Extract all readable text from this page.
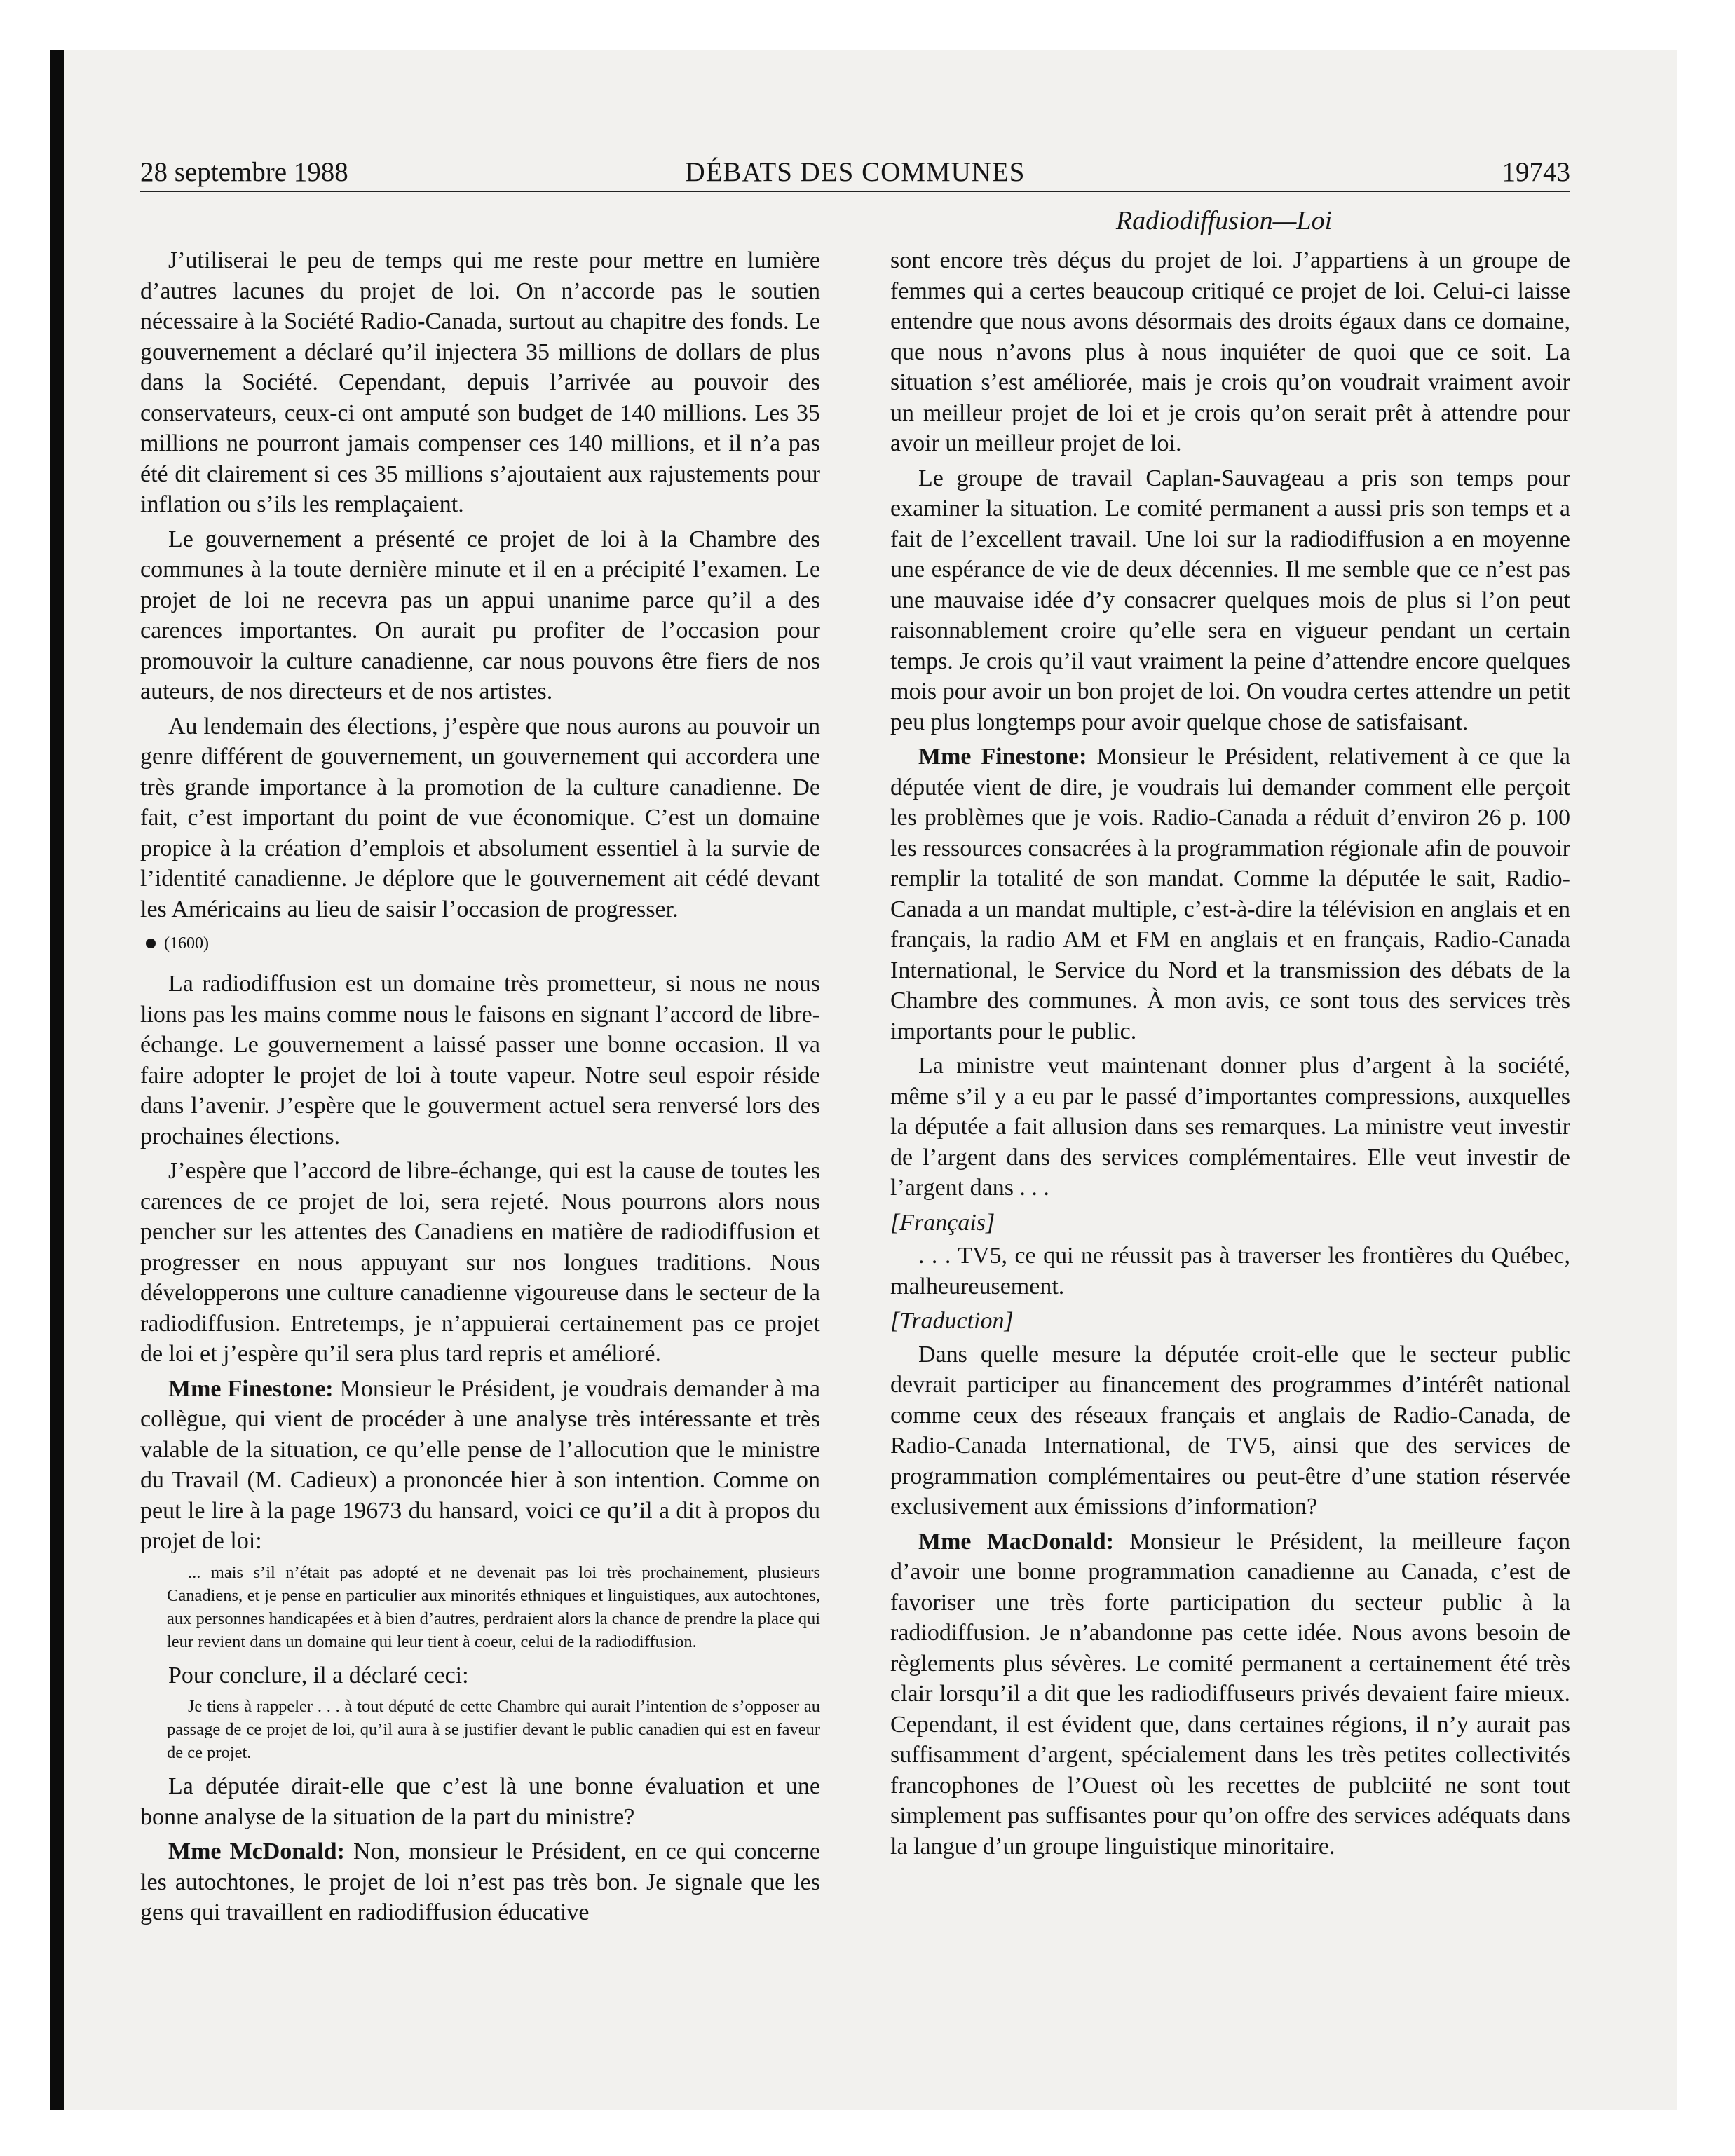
28 septembre 1988	DÉBATS DES COMMUNES	19743
Radiodiffusion—Loi

J’utiliserai le peu de temps qui me reste pour mettre en lumière d’autres lacunes du projet de loi. On n’accorde pas le soutien nécessaire à la Société Radio-Canada, surtout au chapitre des fonds. Le gouvernement a déclaré qu’il injectera 35 millions de dollars de plus dans la Société. Cependant, depuis l’arrivée au pouvoir des conservateurs, ceux-ci ont amputé son budget de 140 millions. Les 35 millions ne pourront jamais compenser ces 140 millions, et il n’a pas été dit clairement si ces 35 millions s’ajoutaient aux rajustements pour inflation ou s’ils les remplaçaient.

Le gouvernement a présenté ce projet de loi à la Chambre des communes à la toute dernière minute et il en a précipité l’examen. Le projet de loi ne recevra pas un appui unanime parce qu’il a des carences importantes. On aurait pu profiter de l’occasion pour promouvoir la culture canadienne, car nous pouvons être fiers de nos auteurs, de nos directeurs et de nos artistes.

Au lendemain des élections, j’espère que nous aurons au pouvoir un genre différent de gouvernement, un gouvernement qui accordera une très grande importance à la promotion de la culture canadienne. De fait, c’est important du point de vue économique. C’est un domaine propice à la création d’emplois et absolument essentiel à la survie de l’identité canadienne. Je déplore que le gouvernement ait cédé devant les Américains au lieu de saisir l’occasion de progresser.

(1600)

La radiodiffusion est un domaine très prometteur, si nous ne nous lions pas les mains comme nous le faisons en signant l’accord de libre-échange. Le gouvernement a laissé passer une bonne occasion. Il va faire adopter le projet de loi à toute vapeur. Notre seul espoir réside dans l’avenir. J’espère que le gouverment actuel sera renversé lors des prochaines élections.

J’espère que l’accord de libre-échange, qui est la cause de toutes les carences de ce projet de loi, sera rejeté. Nous pourrons alors nous pencher sur les attentes des Canadiens en matière de radiodiffusion et progresser en nous appuyant sur nos longues traditions. Nous développerons une culture canadienne vigoureuse dans le secteur de la radiodiffusion. Entretemps, je n’appuierai certainement pas ce projet de loi et j’espère qu’il sera plus tard repris et amélioré.

Mme Finestone: Monsieur le Président, je voudrais demander à ma collègue, qui vient de procéder à une analyse très intéressante et très valable de la situation, ce qu’elle pense de l’allocution que le ministre du Travail (M. Cadieux) a prononcée hier à son intention. Comme on peut le lire à la page 19673 du hansard, voici ce qu’il a dit à propos du projet de loi:

... mais s’il n’était pas adopté et ne devenait pas loi très prochainement, plusieurs Canadiens, et je pense en particulier aux minorités ethniques et linguistiques, aux autochtones, aux personnes handicapées et à bien d’autres, perdraient alors la chance de prendre la place qui leur revient dans un domaine qui leur tient à coeur, celui de la radiodiffusion.

Pour conclure, il a déclaré ceci:

Je tiens à rappeler . . . à tout député de cette Chambre qui aurait l’intention de s’opposer au passage de ce projet de loi, qu’il aura à se justifier devant le public canadien qui est en faveur de ce projet.

La députée dirait-elle que c’est là une bonne évaluation et une bonne analyse de la situation de la part du ministre?

Mme McDonald: Non, monsieur le Président, en ce qui concerne les autochtones, le projet de loi n’est pas très bon. Je signale que les gens qui travaillent en radiodiffusion éducative

sont encore très déçus du projet de loi. J’appartiens à un groupe de femmes qui a certes beaucoup critiqué ce projet de loi. Celui-ci laisse entendre que nous avons désormais des droits égaux dans ce domaine, que nous n’avons plus à nous inquiéter de quoi que ce soit. La situation s’est améliorée, mais je crois qu’on voudrait vraiment avoir un meilleur projet de loi et je crois qu’on serait prêt à attendre pour avoir un meilleur projet de loi.

Le groupe de travail Caplan-Sauvageau a pris son temps pour examiner la situation. Le comité permanent a aussi pris son temps et a fait de l’excellent travail. Une loi sur la radiodiffusion a en moyenne une espérance de vie de deux décennies. Il me semble que ce n’est pas une mauvaise idée d’y consacrer quelques mois de plus si l’on peut raisonnablement croire qu’elle sera en vigueur pendant un certain temps. Je crois qu’il vaut vraiment la peine d’attendre encore quelques mois pour avoir un bon projet de loi. On voudra certes attendre un petit peu plus longtemps pour avoir quelque chose de satisfaisant.

Mme Finestone: Monsieur le Président, relativement à ce que la députée vient de dire, je voudrais lui demander comment elle perçoit les problèmes que je vois. Radio-Canada a réduit d’environ 26 p. 100 les ressources consacrées à la programmation régionale afin de pouvoir remplir la totalité de son mandat. Comme la députée le sait, Radio-Canada a un mandat multiple, c’est-à-dire la télévision en anglais et en français, la radio AM et FM en anglais et en français, Radio-Canada International, le Service du Nord et la transmission des débats de la Chambre des communes. À mon avis, ce sont tous des services très importants pour le public.

La ministre veut maintenant donner plus d’argent à la société, même s’il y a eu par le passé d’importantes compressions, auxquelles la députée a fait allusion dans ses remarques. La ministre veut investir de l’argent dans des services complémentaires. Elle veut investir de l’argent dans . . .

[Français]

. . . TV5, ce qui ne réussit pas à traverser les frontières du Québec, malheureusement.

[Traduction]

Dans quelle mesure la députée croit-elle que le secteur public devrait participer au financement des programmes d’intérêt national comme ceux des réseaux français et anglais de Radio-Canada, de Radio-Canada International, de TV5, ainsi que des services de programmation complémentaires ou peut-être d’une station réservée exclusivement aux émissions d’information?

Mme MacDonald: Monsieur le Président, la meilleure façon d’avoir une bonne programmation canadienne au Canada, c’est de favoriser une très forte participation du secteur public à la radiodiffusion. Je n’abandonne pas cette idée. Nous avons besoin de règlements plus sévères. Le comité permanent a certainement été très clair lorsqu’il a dit que les radiodiffuseurs privés devaient faire mieux. Cependant, il est évident que, dans certaines régions, il n’y aurait pas suffisamment d’argent, spécialement dans les très petites collectivités francophones de l’Ouest où les recettes de publciité ne sont tout simplement pas suffisantes pour qu’on offre des services adéquats dans la langue d’un groupe linguistique minoritaire.
